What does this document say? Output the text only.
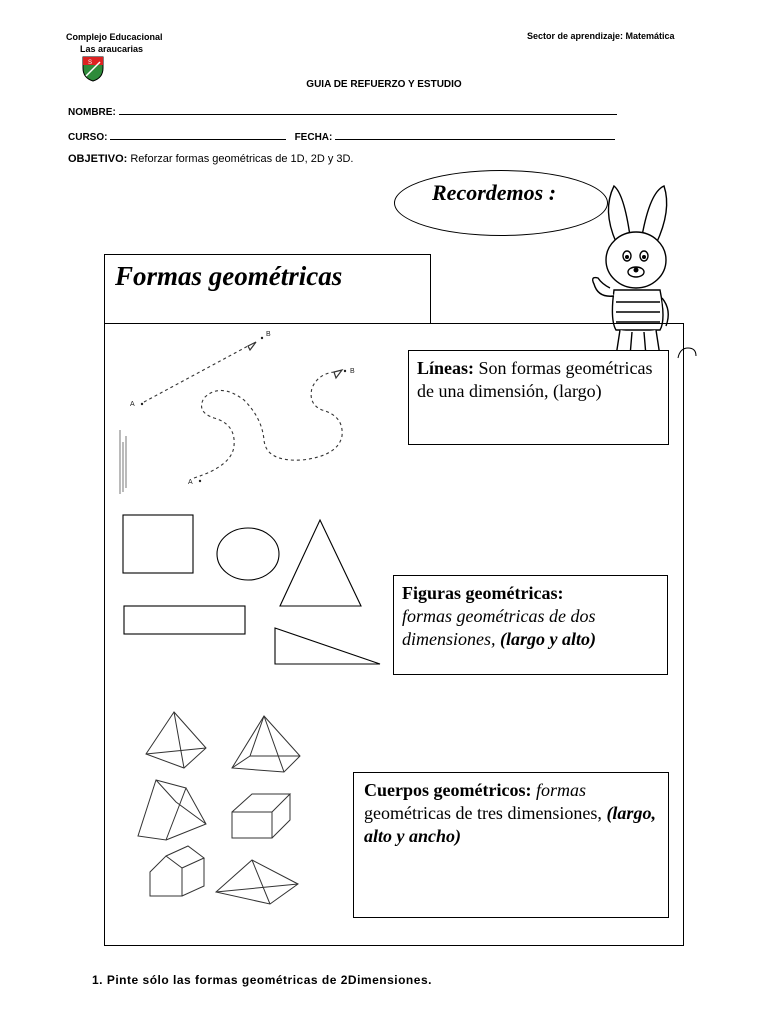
Complejo Educacional
Las araucarias
S
Sector de aprendizaje: Matemática
GUIA DE REFUERZO Y ESTUDIO
NOMBRE:
CURSO:	FECHA:
OBJETIVO: Reforzar formas geométricas de 1D, 2D y 3D.
Recordemos :
Formas geométricas
A
B
A
B	Líneas: Son formas geométricas de una dimensión, (largo)
Figuras geométricas:
formas geométricas de dos dimensiones, (largo y alto)
Cuerpos geométricos: formas geométricas de tres dimensiones, (largo, alto y ancho)
1. Pinte sólo las formas geométricas de 2Dimensiones.
